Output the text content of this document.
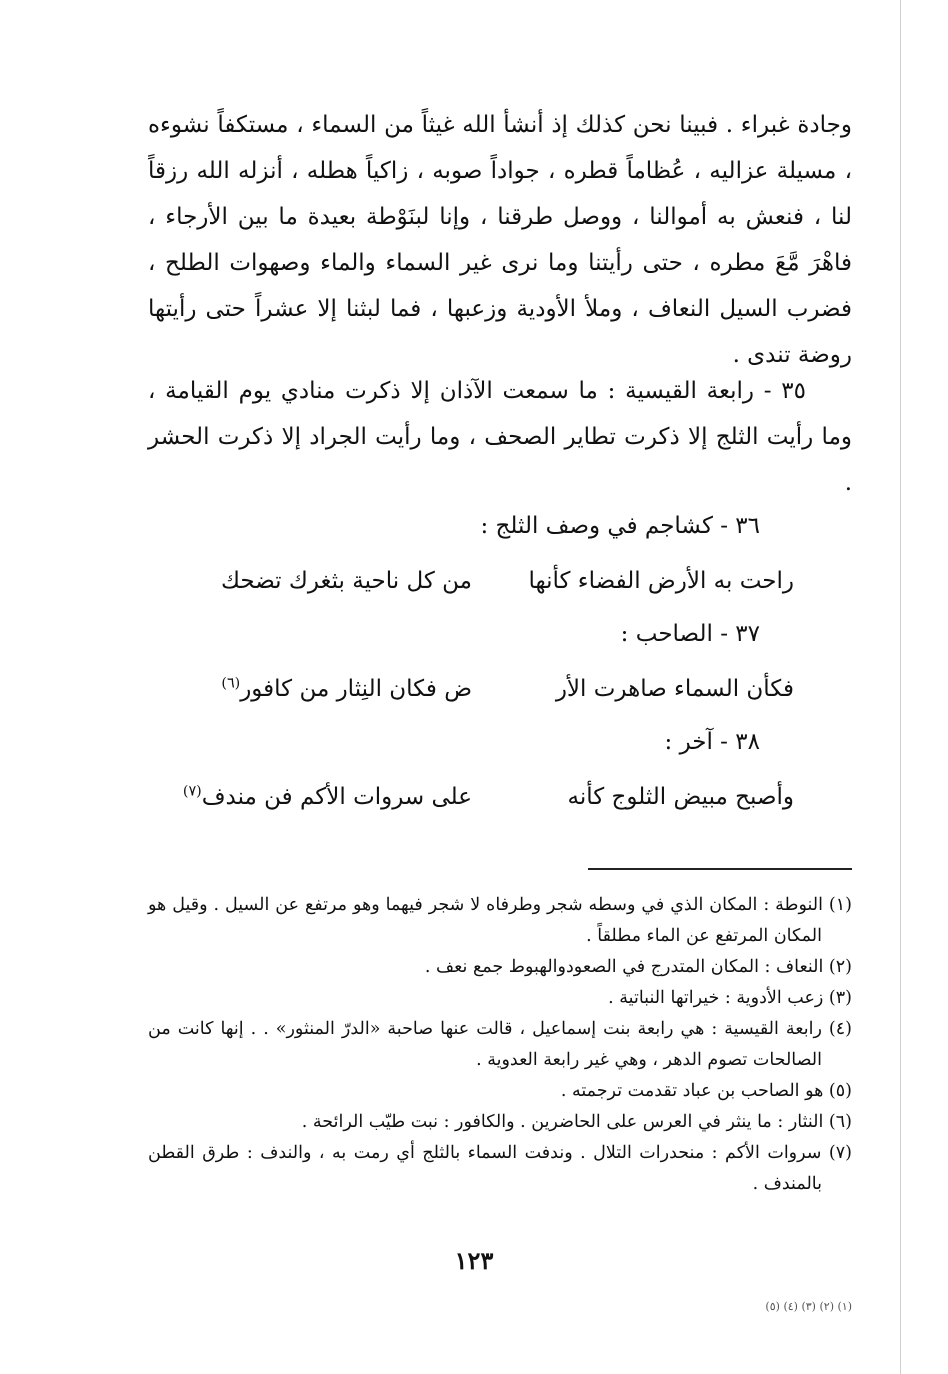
وجادة غبراء . فبينا نحن كذلك إذ أنشأ الله غيثاً من السماء ، مستكفاً نشوءه ، مسيلة عزاليه ، عُظاماً قطره ، جواداً صوبه ، زاكياً هطله ، أنزله الله رزقاً لنا ، فنعش به أموالنا ، ووصل طرقنا ، وإنا لبنَوْطة بعيدة ما بين الأرجاء ، فاهْرَ مَّعَ مطره ، حتى رأيتنا وما نرى غير السماء والماء وصهوات الطلح ، فضرب السيل النعاف ، وملأ الأودية وزعبها ، فما لبثنا إلا عشراً حتى رأيتها روضة تندى .

٣٥ - رابعة القيسية : ما سمعت الآذان إلا ذكرت منادي يوم القيامة ، وما رأيت الثلج إلا ذكرت تطاير الصحف ، وما رأيت الجراد إلا ذكرت الحشر .

٣٦ - كشاجم في وصف الثلج :

راحت به الأرض الفضاء كأنها
من كل ناحية بثغرك تضحك

٣٧ - الصاحب :

فكأن السماء صاهرت الأر
ض فكان النِثار من كافور$^{(٦)}$

٣٨ - آخر :

وأصبح مبيض الثلوج كأنه
على سروات الأكم فن مندف$^{(٧)}$

(١) النوطة : المكان الذي في وسطه شجر وطرفاه لا شجر فيهما وهو مرتفع عن السيل . وقيل هو المكان المرتفع عن الماء مطلقاً .

(٢) النعاف : المكان المتدرج في الصعودوالهبوط جمع نعف .

(٣) زعب الأدوية : خيراتها النباتية .

(٤) رابعة القيسية : هي رابعة بنت إسماعيل ، قالت عنها صاحبة «الدرّ المنثور» . . إنها كانت من الصالحات تصوم الدهر ، وهي غير رابعة العدوية .

(٥) هو الصاحب بن عباد تقدمت ترجمته .

(٦) النثار : ما ينثر في العرس على الحاضرين . والكافور : نبت طيّب الرائحة .

(٧) سروات الأكم : منحدرات التلال . وندفت السماء بالثلج أي رمت به ، والندف : طرق القطن بالمندف .

١٢٣
(١) (٢) (٣) (٤) (٥)
